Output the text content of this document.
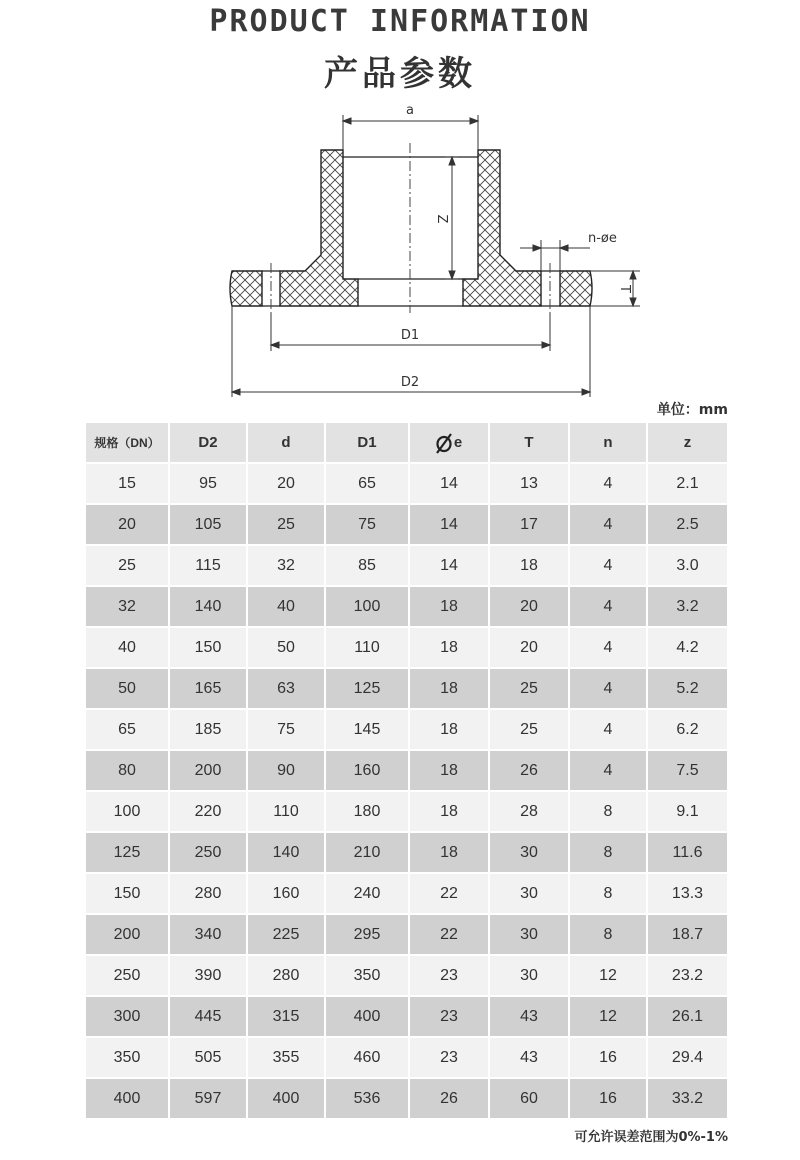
PRODUCT INFORMATION
产品参数
a
Z
n-øe
T
D1
D2
单位：mm
规格（DN）	D2	d	D1	e	T	n	z
15	95	20	65	14	13	4	2.1
20	105	25	75	14	17	4	2.5
25	115	32	85	14	18	4	3.0
32	140	40	100	18	20	4	3.2
40	150	50	110	18	20	4	4.2
50	165	63	125	18	25	4	5.2
65	185	75	145	18	25	4	6.2
80	200	90	160	18	26	4	7.5
100	220	110	180	18	28	8	9.1
125	250	140	210	18	30	8	11.6
150	280	160	240	22	30	8	13.3
200	340	225	295	22	30	8	18.7
250	390	280	350	23	30	12	23.2
300	445	315	400	23	43	12	26.1
350	505	355	460	23	43	16	29.4
400	597	400	536	26	60	16	33.2
可允许误差范围为0%-1%
